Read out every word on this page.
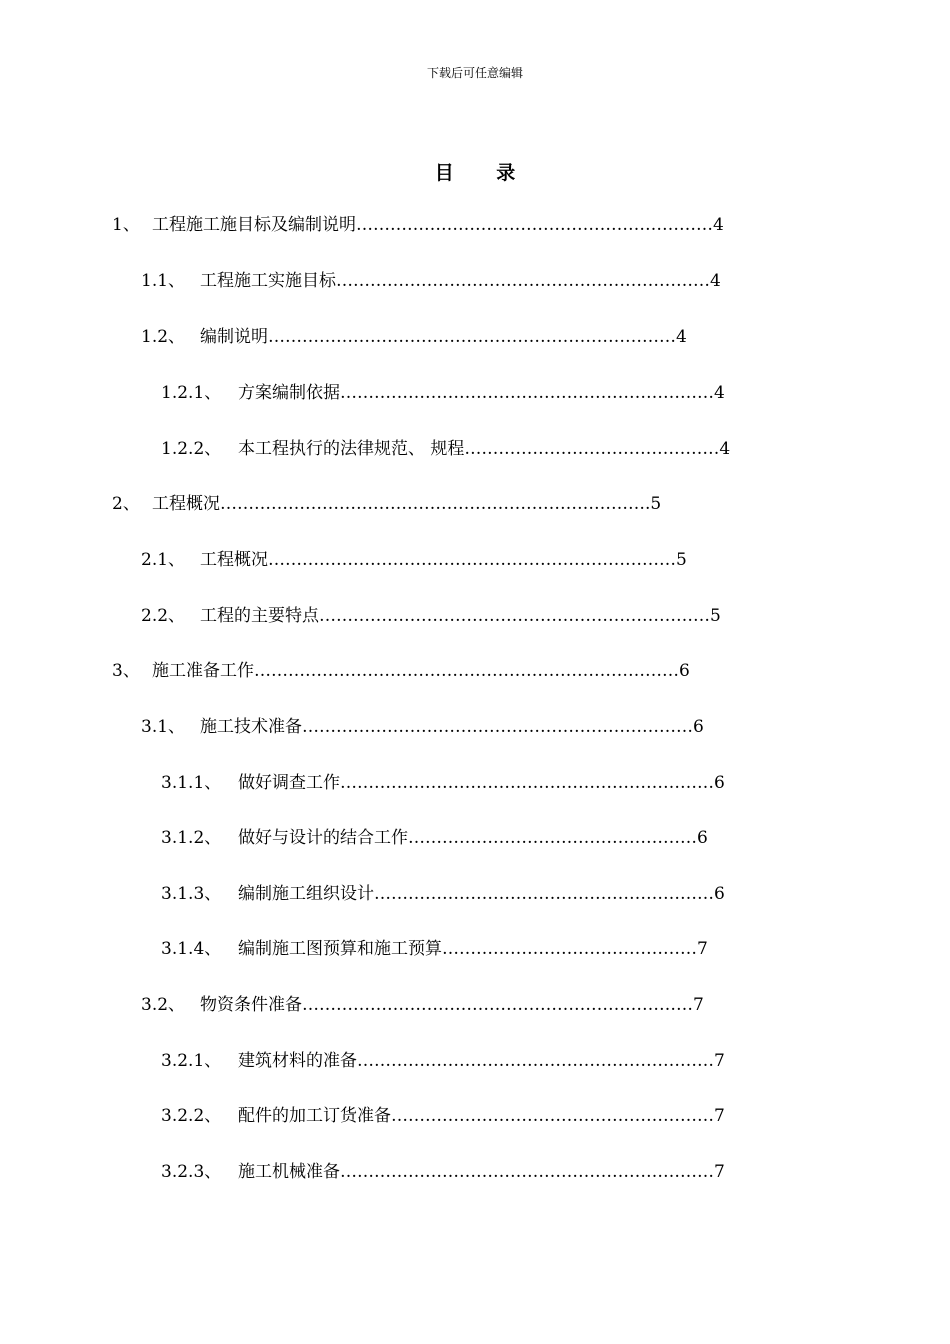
下载后可任意编辑
目 录
1、 工程施工施目标及编制说明………………………………………………………4
1.1、 工程施工实施目标…………………………………………………………4
1.2、 编制说明………………………………………………………………4
1.2.1、 方案编制依据…………………………………………………………4
1.2.2、 本工程执行的法律规范、 规程………………………………………4
2、 工程概况………………………………………………………………….5
2.1、 工程概况………………………………………………………………5
2.2、 工程的主要特点……………………………………………………………5
3、 施工准备工作…………………………………………………………………6
3.1、 施工技术准备……………………………………………………………6
3.1.1、 做好调查工作…………………………………………………………6
3.1.2、 做好与设计的结合工作……………………………………………6
3.1.3、 编制施工组织设计……………………………………………………6
3.1.4、 编制施工图预算和施工预算………………………………………7
3.2、 物资条件准备……………………………………………………………7
3.2.1、 建筑材料的准备………………………………………………………7
3.2.2、 配件的加工订货准备…………………………………………………7
3.2.3、 施工机械准备…………………………………………………………7
